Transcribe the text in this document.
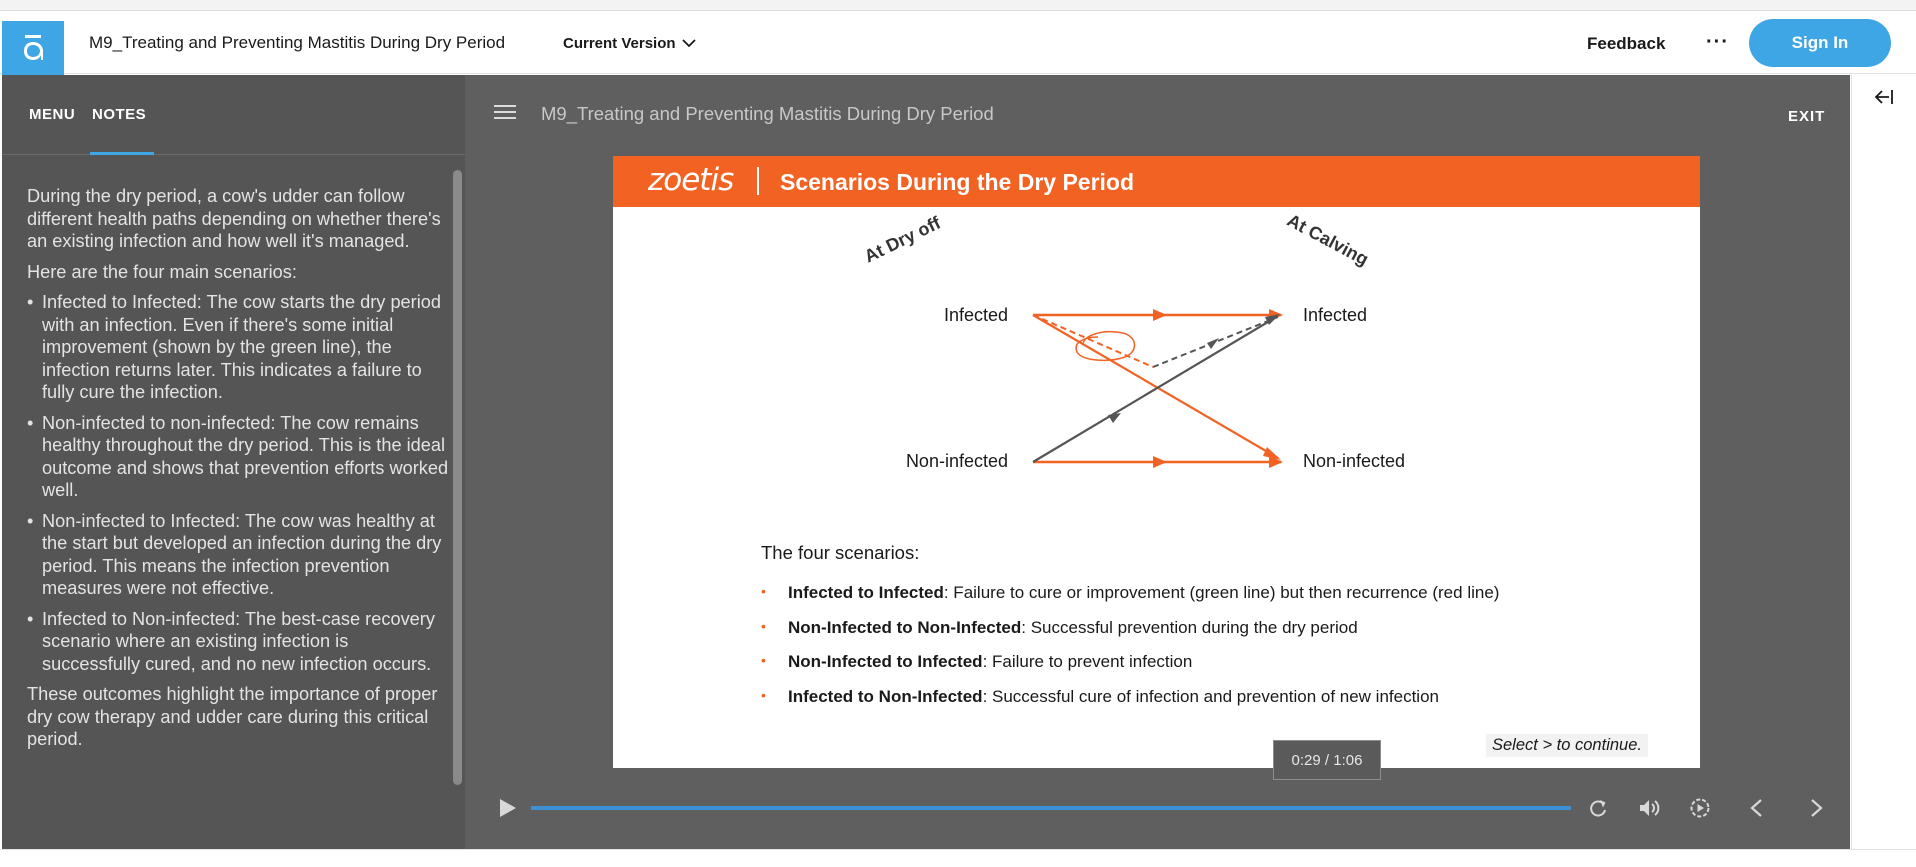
M9_Treating and Preventing Mastitis During Dry Period	Current Version	Feedback ···	Sign In
MENU NOTES

During the dry period, a cow's udder can follow different health paths depending on whether there's an existing infection and how well it's managed.

Here are the four main scenarios:

• Infected to Infected: The cow starts the dry period with an infection. Even if there's some initial improvement (shown by the green line), the infection returns later. This indicates a failure to fully cure the infection.
• Non-infected to non-infected: The cow remains healthy throughout the dry period. This is the ideal outcome and shows that prevention efforts worked well.
• Non-infected to Infected: The cow was healthy at the start but developed an infection during the dry period. This means the infection prevention measures were not effective.
• Infected to Non-infected: The best-case recovery scenario where an existing infection is successfully cured, and no new infection occurs.

These outcomes highlight the importance of proper dry cow therapy and udder care during this critical period.

M9_Treating and Preventing Mastitis During Dry Period	EXIT
zoetis Scenarios During the Dry Period
At Dry off	At Calving
Infected
Non-infected
Infected
Non-infected
The four scenarios:
• Infected to Infected: Failure to cure or improvement (green line) but then recurrence (red line)
• Non-Infected to Non-Infected: Successful prevention during the dry period
• Non-Infected to Infected: Failure to prevent infection
• Infected to Non-Infected: Successful cure of infection and prevention of new infection
Select > to continue.
0:29 / 1:06
